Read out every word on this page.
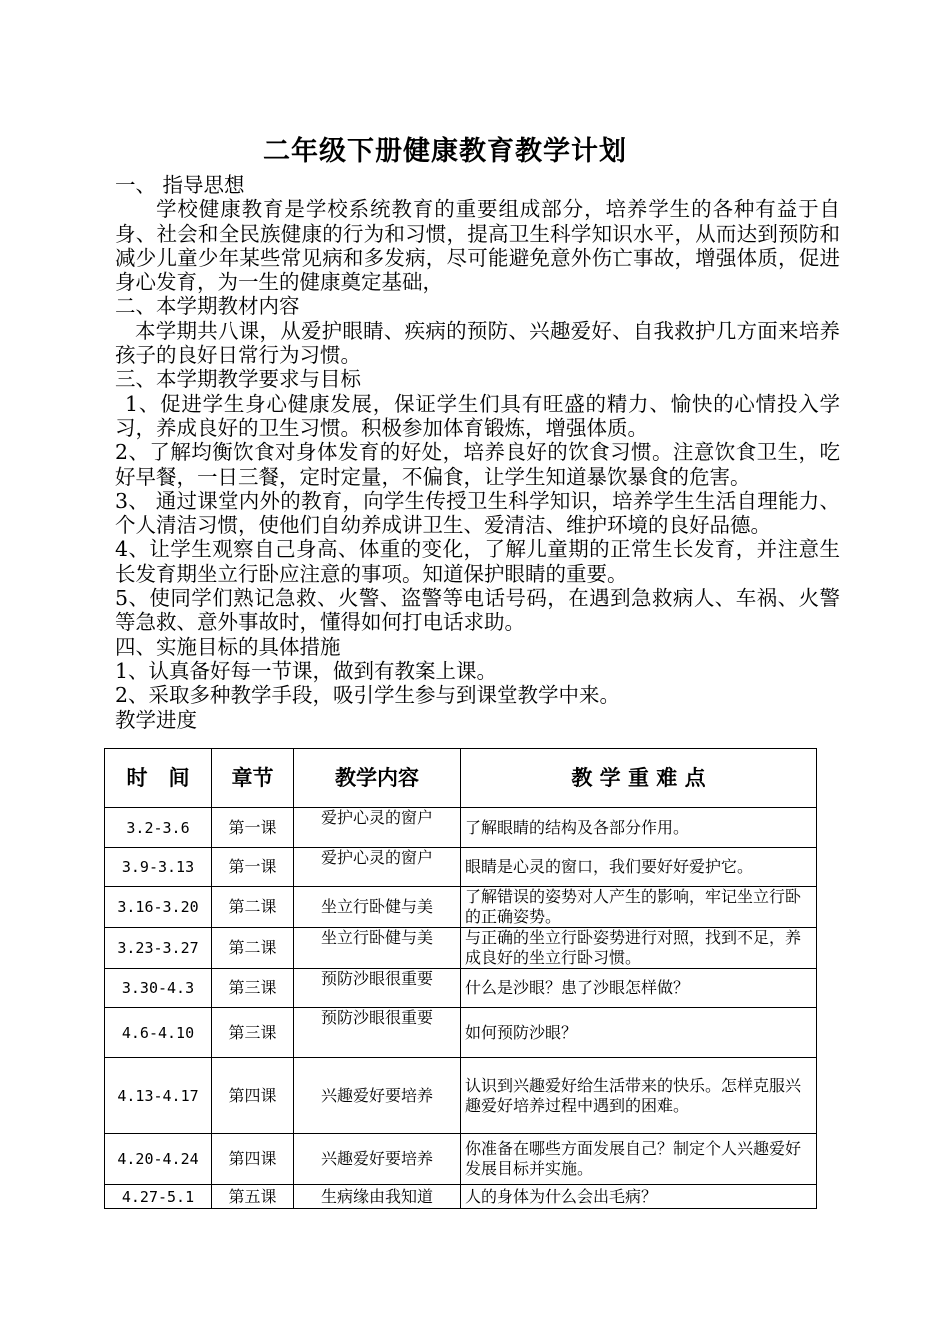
二年级下册健康教育教学计划

一、 指导思想

学校健康教育是学校系统教育的重要组成部分，培养学生的各种有益于自身、社会和全民族健康的行为和习惯，提高卫生科学知识水平，从而达到预防和减少儿童少年某些常见病和多发病，尽可能避免意外伤亡事故，增强体质，促进身心发育，为一生的健康奠定基础，

二、本学期教材内容

本学期共八课，从爱护眼睛、疾病的预防、兴趣爱好、自我救护几方面来培养孩子的良好日常行为习惯。

三、本学期教学要求与目标

1、促进学生身心健康发展，保证学生们具有旺盛的精力、愉快的心情投入学习，养成良好的卫生习惯。积极参加体育锻炼，增强体质。

2、了解均衡饮食对身体发育的好处，培养良好的饮食习惯。注意饮食卫生，吃好早餐，一日三餐，定时定量，不偏食，让学生知道暴饮暴食的危害。

3、 通过课堂内外的教育，向学生传授卫生科学知识，培养学生生活自理能力、个人清洁习惯，使他们自幼养成讲卫生、爱清洁、维护环境的良好品德。

4、让学生观察自己身高、体重的变化，了解儿童期的正常生长发育，并注意生长发育期坐立行卧应注意的事项。知道保护眼睛的重要。

5、使同学们熟记急救、火警、盗警等电话号码，在遇到急救病人、车祸、火警等急救、意外事故时，懂得如何打电话求助。

四、实施目标的具体措施

1、认真备好每一节课，做到有教案上课。

2、采取多种教学手段，吸引学生参与到课堂教学中来。

教学进度

时　间	章节	教学内容	教 学 重 难 点
3.2-3.6	第一课	爱护心灵的窗户	了解眼睛的结构及各部分作用。
3.9-3.13	第一课	爱护心灵的窗户	眼睛是心灵的窗口，我们要好好爱护它。
3.16-3.20	第二课	坐立行卧健与美	了解错误的姿势对人产生的影响，牢记坐立行卧的正确姿势。
3.23-3.27	第二课	坐立行卧健与美	与正确的坐立行卧姿势进行对照，找到不足，养成良好的坐立行卧习惯。
3.30-4.3	第三课	预防沙眼很重要	什么是沙眼？患了沙眼怎样做？
4.6-4.10	第三课	预防沙眼很重要	如何预防沙眼？
4.13-4.17	第四课	兴趣爱好要培养	认识到兴趣爱好给生活带来的快乐。怎样克服兴趣爱好培养过程中遇到的困难。
4.20-4.24	第四课	兴趣爱好要培养	你准备在哪些方面发展自己？制定个人兴趣爱好发展目标并实施。
4.27-5.1	第五课	生病缘由我知道	人的身体为什么会出毛病？
